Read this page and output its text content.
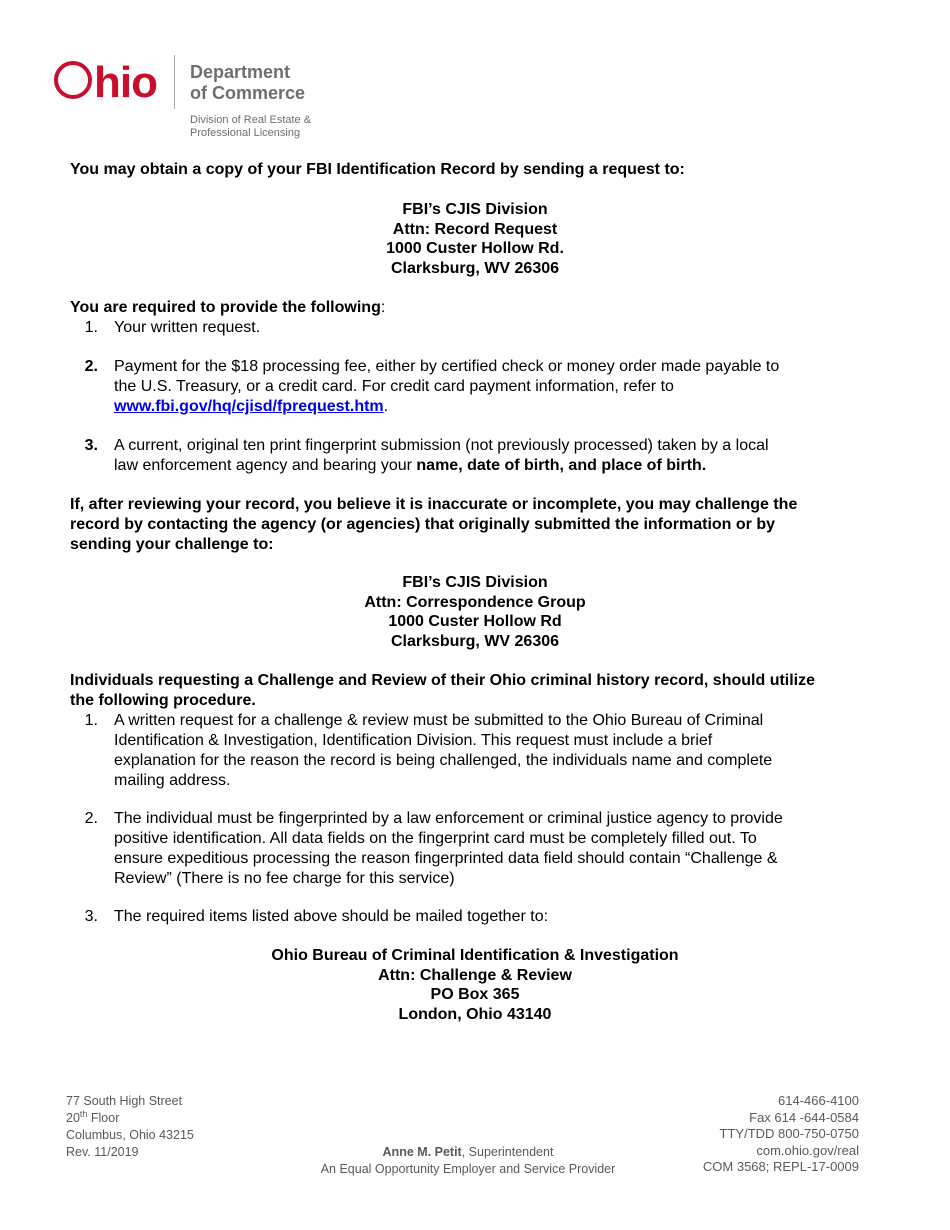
hio Department
of Commerce
Division of Real Estate &
Professional Licensing
You may obtain a copy of your FBI Identification Record by sending a request to:
FBI’s CJIS Division
Attn: Record Request
1000 Custer Hollow Rd.
Clarksburg, WV 26306
You are required to provide the following:
1. Your written request.
2. Payment for the $18 processing fee, either by certified check or money order made payable to
the U.S. Treasury, or a credit card. For credit card payment information, refer to
www.fbi.gov/hq/cjisd/fprequest.htm.
3. A current, original ten print fingerprint submission (not previously processed) taken by a local
law enforcement agency and bearing your name, date of birth, and place of birth.
If, after reviewing your record, you believe it is inaccurate or incomplete, you may challenge the
record by contacting the agency (or agencies) that originally submitted the information or by
sending your challenge to:
FBI’s CJIS Division
Attn: Correspondence Group
1000 Custer Hollow Rd
Clarksburg, WV 26306
Individuals requesting a Challenge and Review of their Ohio criminal history record, should utilize
the following procedure.
1. A written request for a challenge & review must be submitted to the Ohio Bureau of Criminal
Identification & Investigation, Identification Division. This request must include a brief
explanation for the reason the record is being challenged, the individuals name and complete
mailing address.
2. The individual must be fingerprinted by a law enforcement or criminal justice agency to provide
positive identification. All data fields on the fingerprint card must be completely filled out. To
ensure expeditious processing the reason fingerprinted data field should contain “Challenge &
Review” (There is no fee charge for this service)
3. The required items listed above should be mailed together to:
Ohio Bureau of Criminal Identification & Investigation
Attn: Challenge & Review
PO Box 365
London, Ohio 43140
77 South High Street
20th Floor
Columbus, Ohio 43215
Rev. 11/2019	Anne M. Petit, Superintendent
An Equal Opportunity Employer and Service Provider
614-466-4100
Fax 614 -644-0584
TTY/TDD 800-750-0750
com.ohio.gov/real
COM 3568; REPL-17-0009
